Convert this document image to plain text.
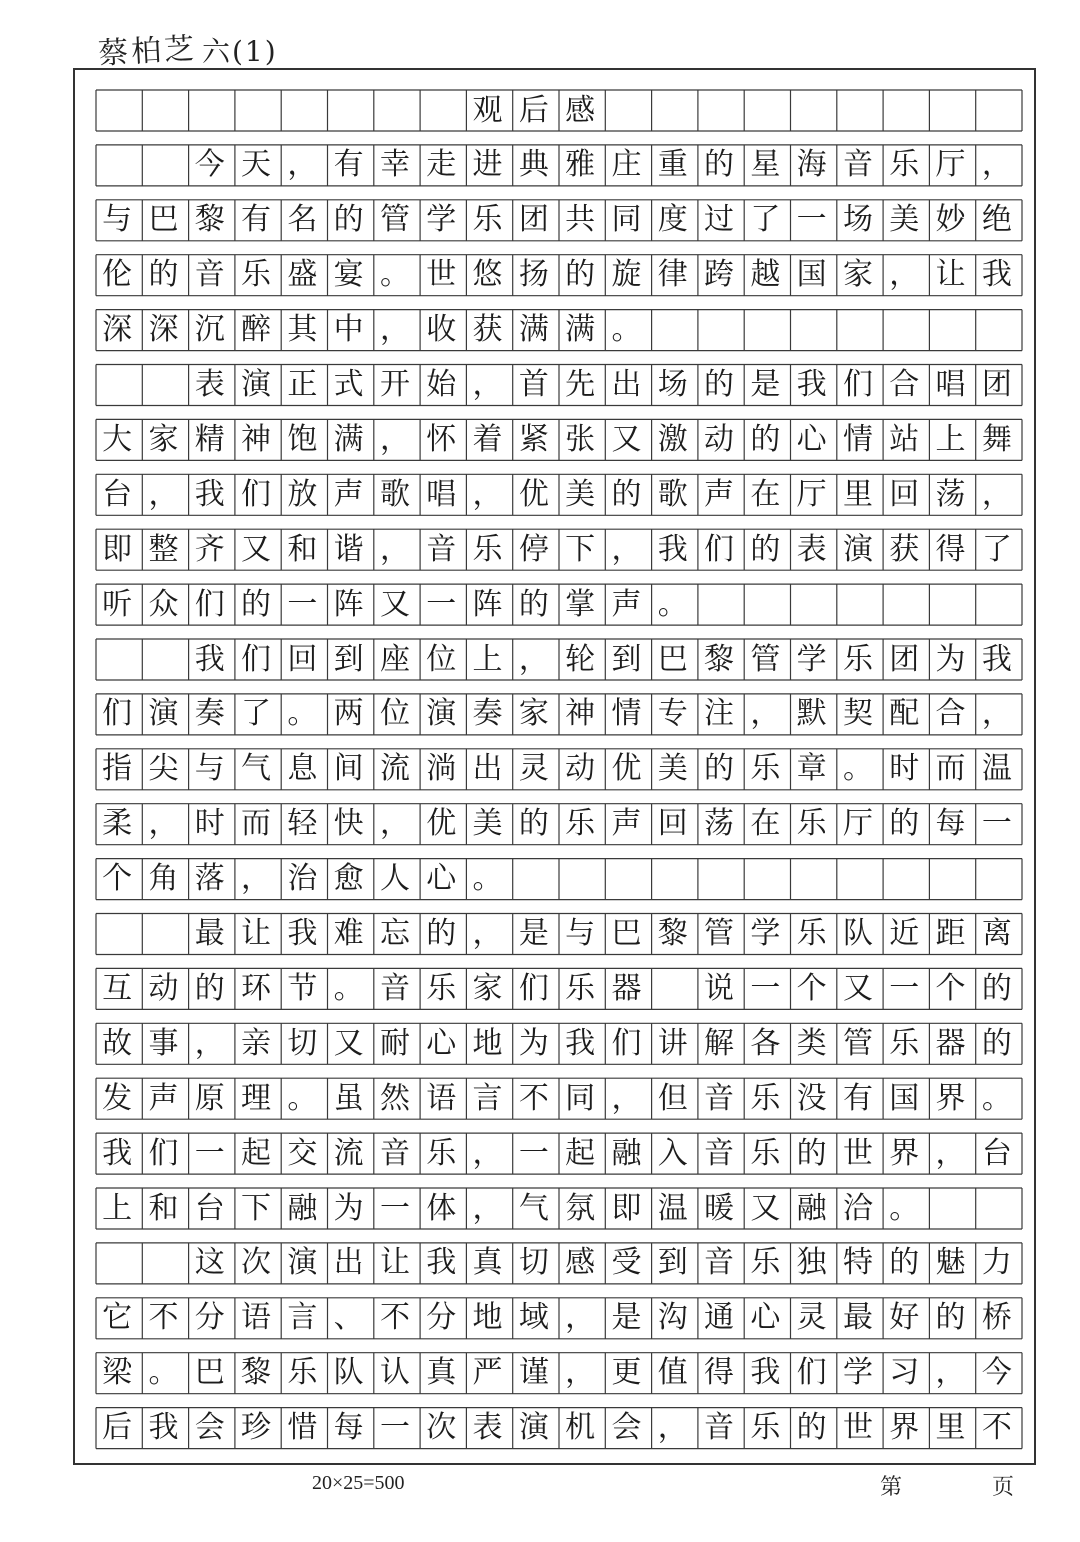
蔡柏芝 六(1)
观 后 感
今 天 ， 有 幸 走 进 典 雅 庄 重 的 星 海 音 乐 厅 ，
与 巴 黎 有 名 的 管 学 乐 团 共 同 度 过 了 一 场 美 妙 绝
伦 的 音 乐 盛 宴 。 世 悠 扬 的 旋 律 跨 越 国 家 ， 让 我
深 深 沉 醉 其 中 ， 收 获 满 满 。
表 演 正 式 开 始 ， 首 先 出 场 的 是 我 们 合 唱 团
大 家 精 神 饱 满 ， 怀 着 紧 张 又 激 动 的 心 情 站 上 舞
台 ， 我 们 放 声 歌 唱 ， 优 美 的 歌 声 在 厅 里 回 荡 ，
即 整 齐 又 和 谐 ， 音 乐 停 下 ， 我 们 的 表 演 获 得 了
听 众 们 的 一 阵 又 一 阵 的 掌 声 。
我 们 回 到 座 位 上 ， 轮 到 巴 黎 管 学 乐 团 为 我
们 演 奏 了 。 两 位 演 奏 家 神 情 专 注 ， 默 契 配 合 ，
指 尖 与 气 息 间 流 淌 出 灵 动 优 美 的 乐 章 。 时 而 温
柔 ， 时 而 轻 快 ， 优 美 的 乐 声 回 荡 在 乐 厅 的 每 一
个 角 落 ， 治 愈 人 心 。
最 让 我 难 忘 的 ， 是 与 巴 黎 管 学 乐 队 近 距 离
互 动 的 环 节 。 音 乐 家 们 乐 器 说 一 个 又 一 个 的
故 事 ， 亲 切 又 耐 心 地 为 我 们 讲 解 各 类 管 乐 器 的
发 声 原 理 。 虽 然 语 言 不 同 ， 但 音 乐 没 有 国 界 。
我 们 一 起 交 流 音 乐 ， 一 起 融 入 音 乐 的 世 界 ， 台
上 和 台 下 融 为 一 体 ， 气 氛 即 温 暖 又 融 洽 。
这 次 演 出 让 我 真 切 感 受 到 音 乐 独 特 的 魅 力
它 不 分 语 言 、 不 分 地 域 ， 是 沟 通 心 灵 最 好 的 桥
梁 。 巴 黎 乐 队 认 真 严 谨 ， 更 值 得 我 们 学 习 ， 今
后 我 会 珍 惜 每 一 次 表 演 机 会 ， 音 乐 的 世 界 里 不
20×25=500	第	页
